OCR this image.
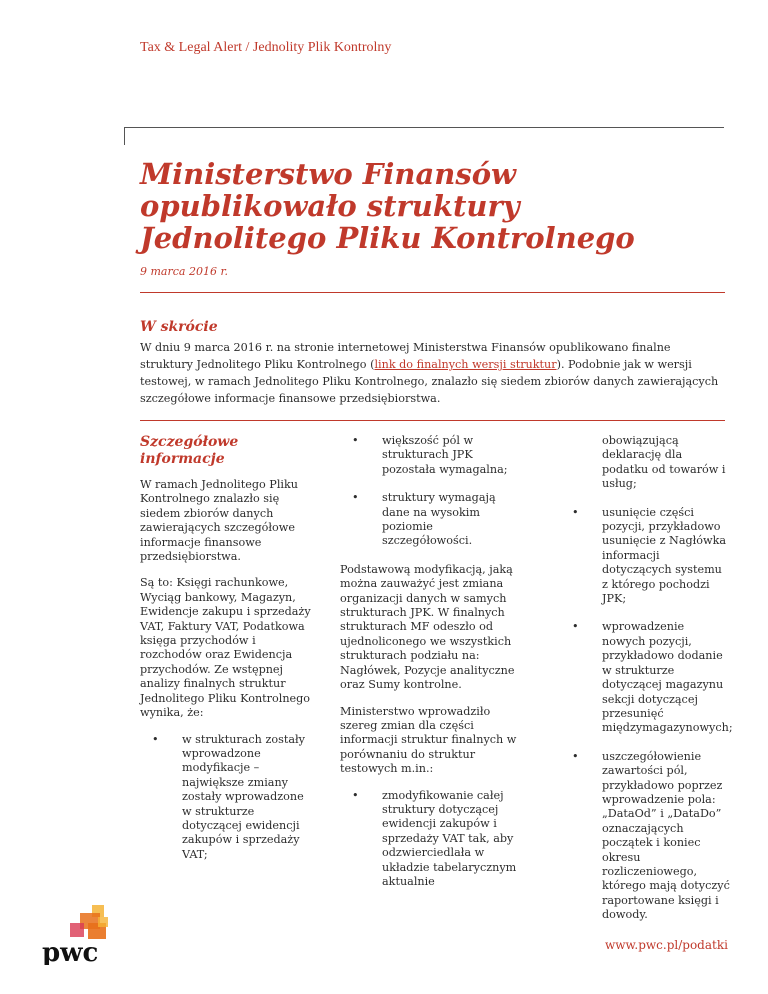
Tax & Legal Alert / Jednolity Plik Kontrolny
Ministerstwo Finansów opublikowało struktury Jednolitego Pliku Kontrolnego
9 marca 2016 r.
W skrócie
W dniu 9 marca 2016 r. na stronie internetowej Ministerstwa Finansów opublikowano finalne struktury Jednolitego Pliku Kontrolnego (link do finalnych wersji struktur). Podobnie jak w wersji testowej, w ramach Jednolitego Pliku Kontrolnego, znalazło się siedem zbiorów danych zawierających szczegółowe informacje finansowe przedsiębiorstwa.
Szczegółowe informacje

W ramach Jednolitego Pliku Kontrolnego znalazło się siedem zbiorów danych zawierających szczegółowe informacje finansowe przedsiębiorstwa.

Są to: Księgi rachunkowe, Wyciąg bankowy, Magazyn, Ewidencje zakupu i sprzedaży VAT, Faktury VAT, Podatkowa księga przychodów i rozchodów oraz Ewidencja przychodów. Ze wstępnej analizy finalnych struktur Jednolitego Pliku Kontrolnego wynika, że:

• w strukturach zostały wprowadzone modyfikacje – największe zmiany zostały wprowadzone w strukturze dotyczącej ewidencji zakupów i sprzedaży VAT;
• większość pól w strukturach JPK pozostała wymagalna;
• struktury wymagają dane na wysokim poziomie szczegółowości.

Podstawową modyfikacją, jaką można zauważyć jest zmiana organizacji danych w samych strukturach JPK. W finalnych strukturach MF odeszło od ujednoliconego we wszystkich strukturach podziału na: Nagłówek, Pozycje analityczne oraz Sumy kontrolne.

Ministerstwo wprowadziło szereg zmian dla części informacji struktur finalnych w porównaniu do struktur testowych m.in.:

• zmodyfikowanie całej struktury dotyczącej ewidencji zakupów i sprzedaży VAT tak, aby odzwierciedlała w układzie tabelarycznym aktualnie
obowiązującą deklarację dla podatku od towarów i usług;
• usunięcie części pozycji, przykładowo usunięcie z Nagłówka informacji dotyczących systemu z którego pochodzi JPK;
• wprowadzenie nowych pozycji, przykładowo dodanie w strukturze dotyczącej magazynu sekcji dotyczącej przesunięć międzymagazynowych;
• uszczegółowienie zawartości pól, przykładowo poprzez wprowadzenie pola: „DataOd” i „DataDo” oznaczających początek i koniec okresu rozliczeniowego, którego mają dotyczyć raportowane księgi i dowody.
pwc	www.pwc.pl/podatki
